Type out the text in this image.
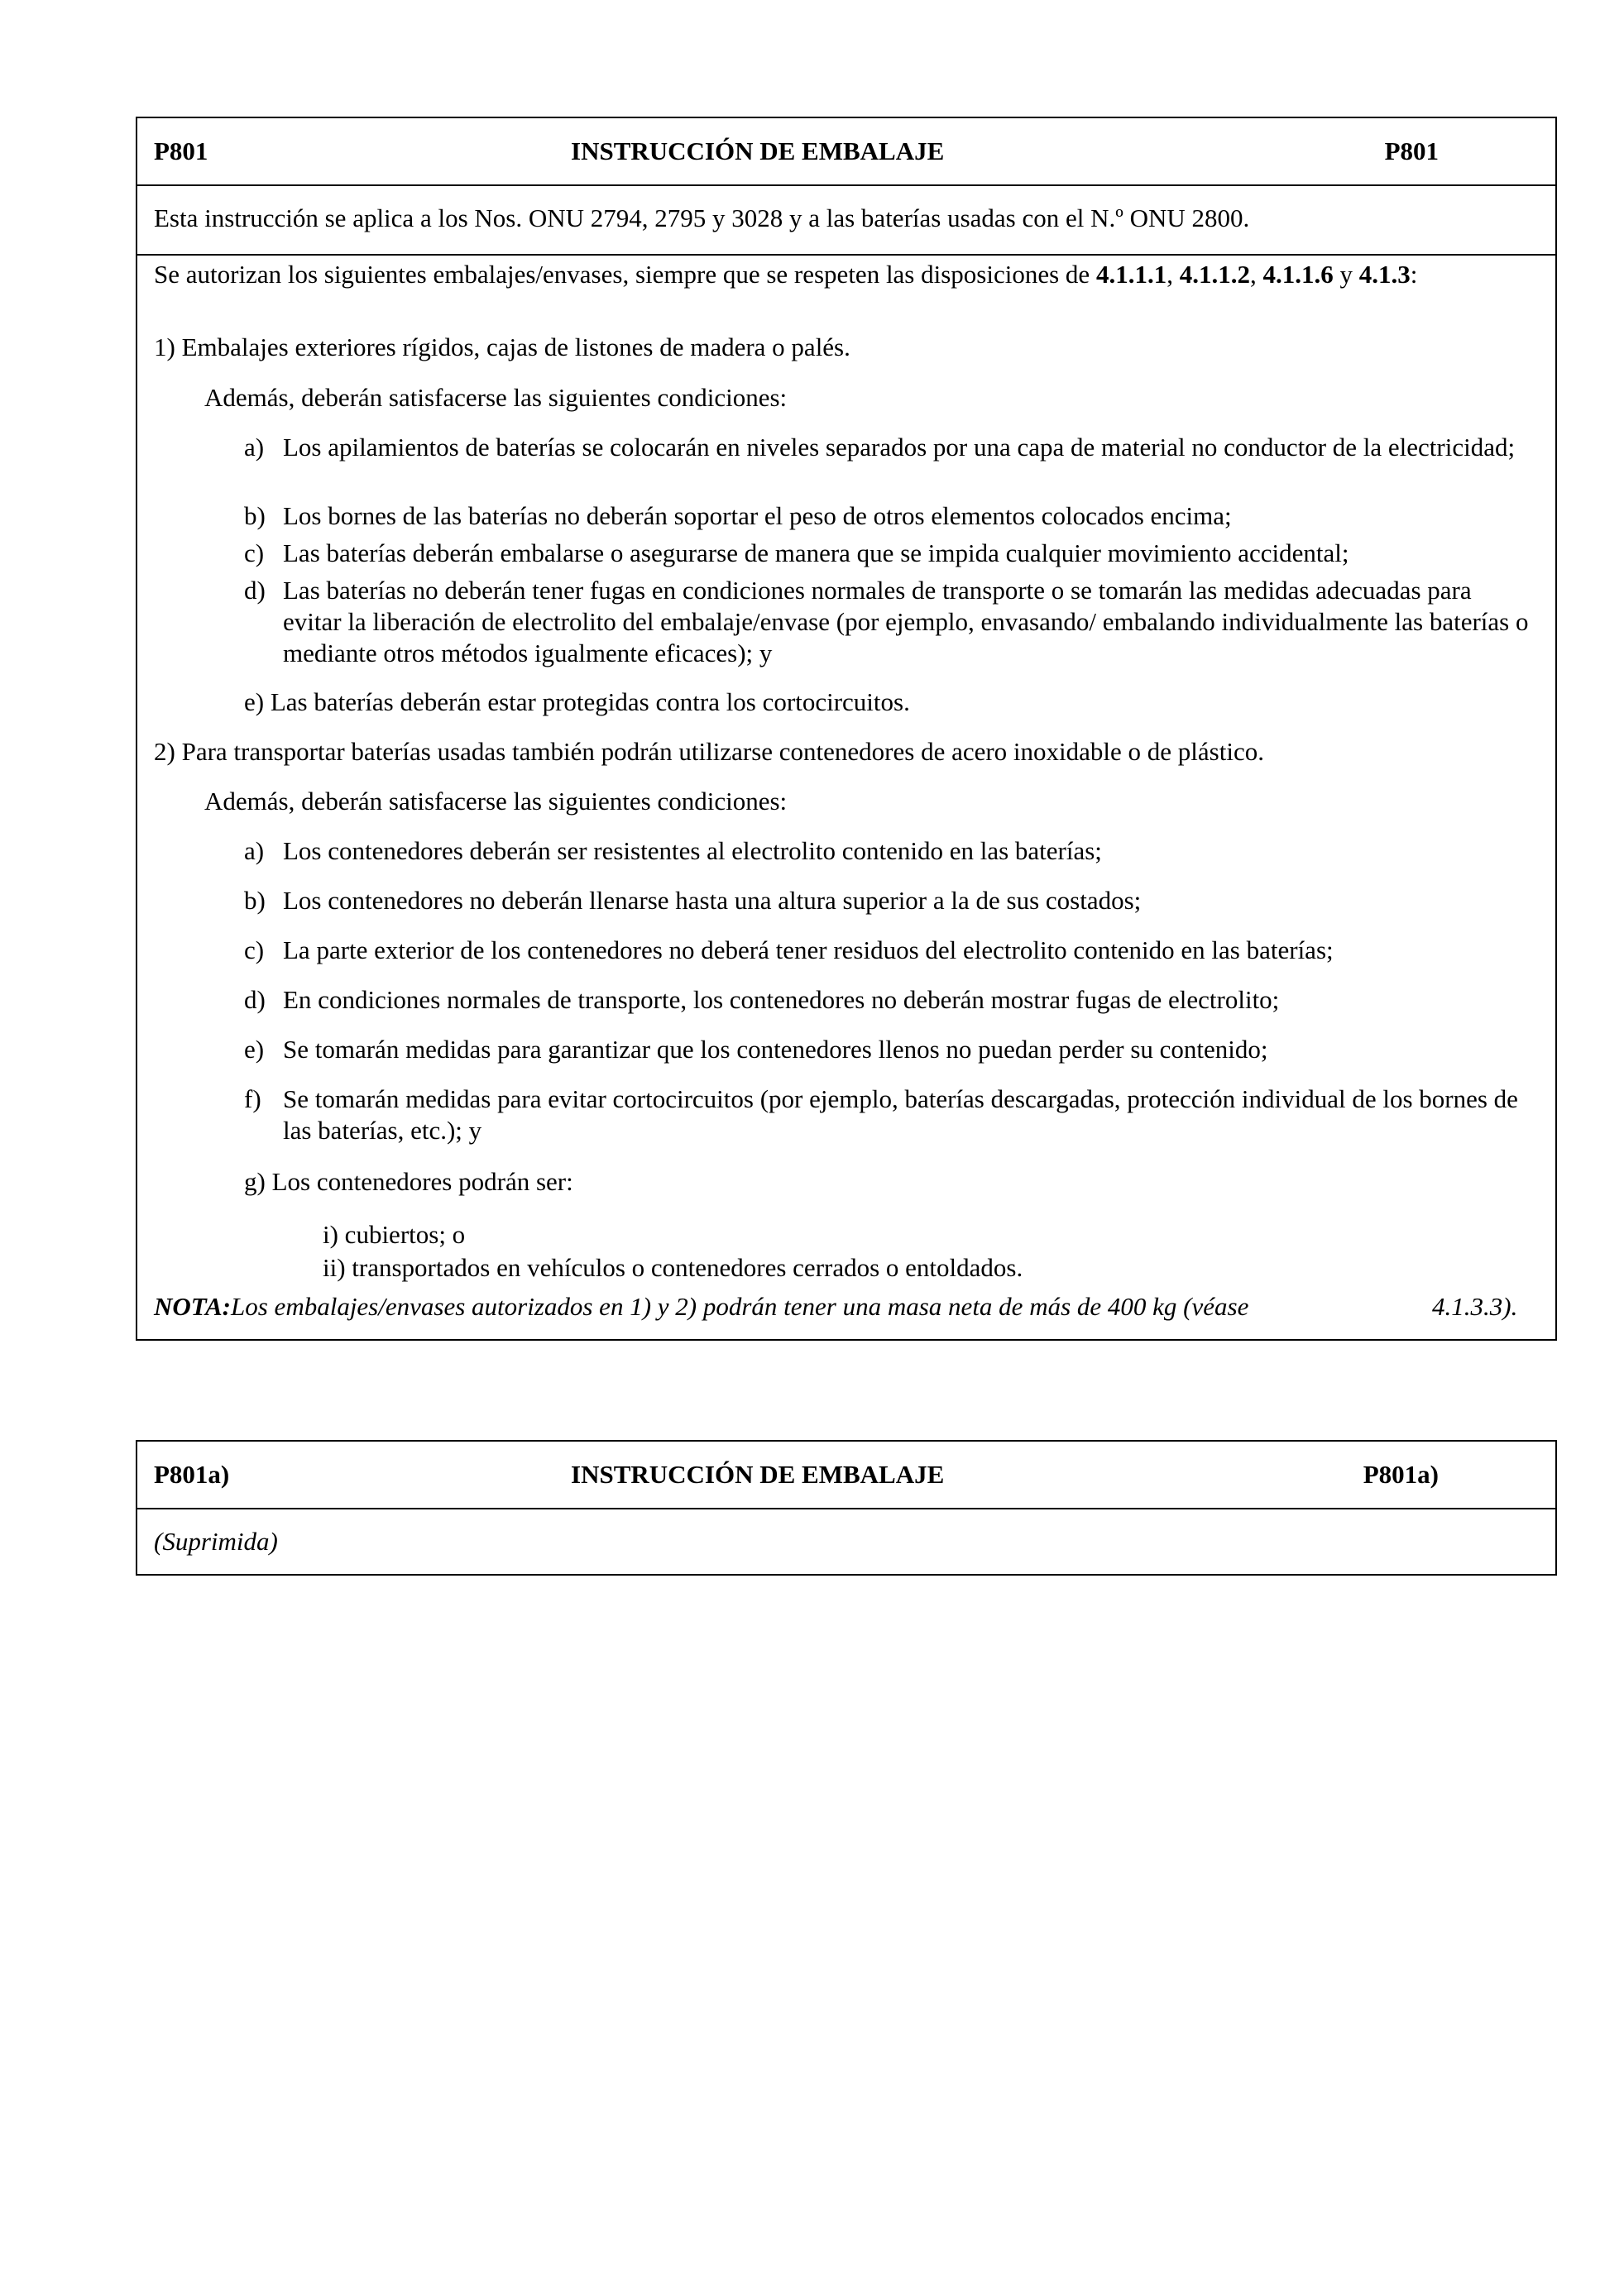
P801	INSTRUCCIÓN DE EMBALAJE	P801

Esta instrucción se aplica a los Nos. ONU 2794, 2795 y 3028 y a las baterías usadas con el N.º ONU 2800.

Se autorizan los siguientes embalajes/envases, siempre que se respeten las disposiciones de 4.1.1.1, 4.1.1.2, 4.1.1.6 y 4.1.3:

1) Embalajes exteriores rígidos, cajas de listones de madera o palés.

Además, deberán satisfacerse las siguientes condiciones:

a) Los apilamientos de baterías se colocarán en niveles separados por una capa de material no conductor de la electricidad;
b) Los bornes de las baterías no deberán soportar el peso de otros elementos colocados encima;
c) Las baterías deberán embalarse o asegurarse de manera que se impida cualquier movimiento accidental;
d) Las baterías no deberán tener fugas en condiciones normales de transporte o se tomarán las medidas adecuadas para evitar la liberación de electrolito del embalaje/envase (por ejemplo, envasando/ embalando individualmente las baterías o mediante otros métodos igualmente eficaces); y
e) Las baterías deberán estar protegidas contra los cortocircuitos.

2) Para transportar baterías usadas también podrán utilizarse contenedores de acero inoxidable o de plástico.

Además, deberán satisfacerse las siguientes condiciones:

a) Los contenedores deberán ser resistentes al electrolito contenido en las baterías;
b) Los contenedores no deberán llenarse hasta una altura superior a la de sus costados;
c) La parte exterior de los contenedores no deberá tener residuos del electrolito contenido en las baterías;
d) En condiciones normales de transporte, los contenedores no deberán mostrar fugas de electrolito;
e) Se tomarán medidas para garantizar que los contenedores llenos no puedan perder su contenido;
f) Se tomarán medidas para evitar cortocircuitos (por ejemplo, baterías descargadas, protección individual de los bornes de las baterías, etc.); y
g) Los contenedores podrán ser:

i) cubiertos; o

ii) transportados en vehículos o contenedores cerrados o entoldados.

NOTA:Los embalajes/envases autorizados en 1) y 2) podrán tener una masa neta de más de 400 kg (véase	4.1.3.3).
P801a)	INSTRUCCIÓN DE EMBALAJE	P801a)

(Suprimida)
